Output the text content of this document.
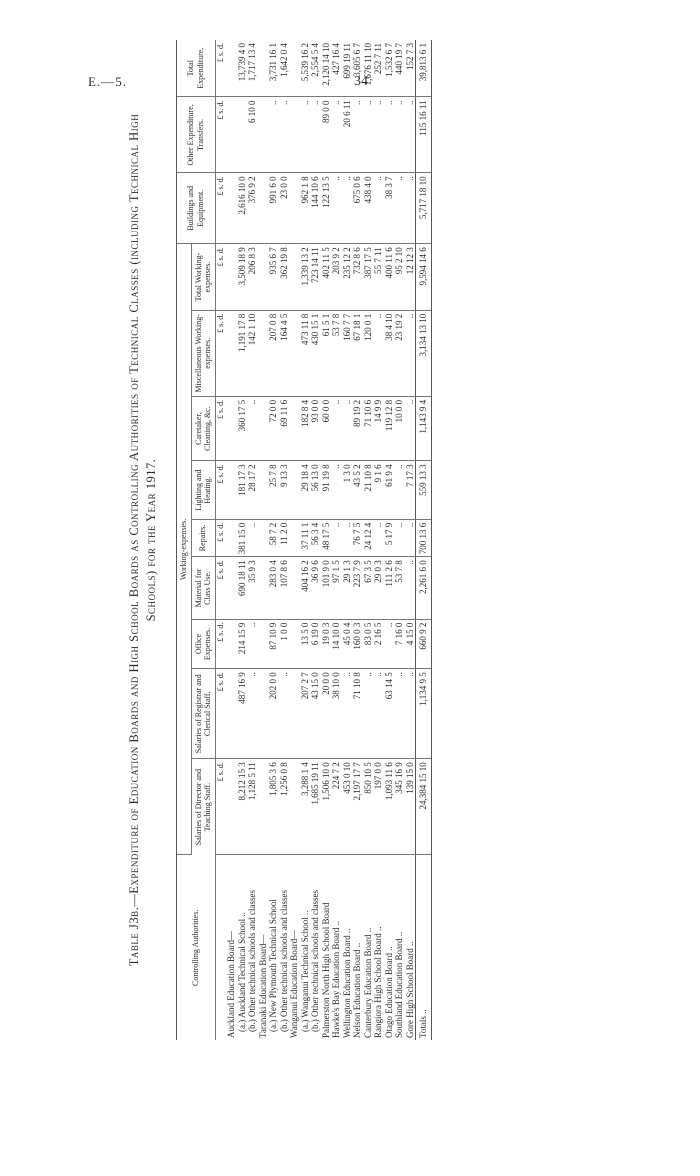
E.—5.	34
Table J3b.—Expenditure of Education Boards and High School Boards as Controlling Authorities of Technical Classes (including Technical High Schools) for the Year 1917.
Controlling Authorities.	Working-expenses.									Buildings and Equipment.	Other Expenditure, Transfers.	Total Expenditure.
	Salaries of Director and Teaching Staff.	Salaries of Registrar and Clerical Staff.	Office Expenses.	Material for Class Use.	Repairs.	Lighting and Heating.	Caretaker, Cleaning, &c.	Miscellaneous Working-expenses.	Total Working-expenses.			
	£ s. d.	£ s. d.	£ s. d.	£ s. d.	£ s. d.	£ s. d.	£ s. d.	£ s. d.	£ s. d.	£ s. d.	£ s. d.	£ s. d.
Auckland Education Board—												
(a.) Auckland Technical School ..	8,212 15 3	487 16 9	214 15 9	690 18 11	381 15 0	181 17 3	360 17 5	1,191 17 8	3,509 18 9	2,616 10 0		13,739 4 0
(b.) Other technical schools and classes	1,128 5 11	..	..	35 9 3	..	28 17 2	..	142 1 10	206 8 3	376 9 2	6 10 0	1,717 13 4
Taranaki Education Board—												
(a.) New Plymouth Technical School	1,805 3 6	202 0 0	87 10 9	283 0 4	58 7 2	25 7 8	72 0 0	207 0 8	935 6 7	991 6 0	..	3,731 16 1
(b.) Other technical schools and classes	1,256 0 8	..	1 0 0	107 8 6	11 2 0	9 13 3	69 11 6	164 4 5	362 19 8	23 0 0	..	1,642 0 4
Wanganui Education Board—												
(a.) Wanganui Technical School ..	3,288 1 4	207 2 7	13 5 0	404 16 2	37 11 1	29 18 4	182 8 4	473 11 8	1,339 13 2	962 1 8	..	5,539 16 2
(b.) Other technical schools and classes	1,685 19 11	43 15 0	6 19 0	36 9 6	56 3 4	56 13 0	93 0 0	430 15 1	723 14 11	144 10 6	..	2,554 5 4
Palmerston North High School Board	1,506 10 0	20 0 0	19 0 3	101 9 0	48 17 5	91 19 8	60 0 0	61 5 1	402 11 5	122 13 5	89 0 0	2,120 14 10
Hawke's Bay Education Board ..	224 7 2	38 10 0	14 10 0	97 1 5	..	..	..	53 7 8	203 9 2	..	..	427 16 4
Wellington Education Board ..	453 0 10	..	45 0 4	29 1 3	..	1 3 0	..	160 7 7	235 12 2	..	20 6 11	699 19 11
Nelson Education Board ..	2,197 17 7	71 10 8	160 0 3	223 7 9	76 7 5	43 5 2	89 19 2	67 18 1	732 8 6	675 0 6	..	3,605 6 7
Canterbury Education Board ..	850 10 5	..	83 0 5	67 3 5	24 12 4	21 10 8	71 10 6	120 0 1	387 17 5	438 4 0	..	1,676 11 10
Rangiora High School Board ..	197 0 0	..	2 16 5	29 0 3	..	9 1 6	14 9 9	..	55 7 11	..	..	252 7 11
Otago Education Board ..	1,093 11 6	63 14 5	..	111 2 6	5 17 9	61 9 4	119 12 8	38 4 10	400 11 6	38 3 7	..	1,532 6 7
Southland Education Board ..	345 16 9	..	7 16 0	53 7 8	..	..	10 0 0	23 19 2	95 2 10	..	..	440 19 7
Gore High School Board ..	139 15 0	..	4 15 0	..	..	7 17 3	..	..	12 12 3	..	..	152 7 3
Totals ..	24,384 15 10	1,134 9 5	660 9 2	2,261 6 0	700 13 6	559 13 3	1,143 9 4	3,134 13 10	9,594 14 6	5,717 18 10	115 16 11	39,813 6 1
